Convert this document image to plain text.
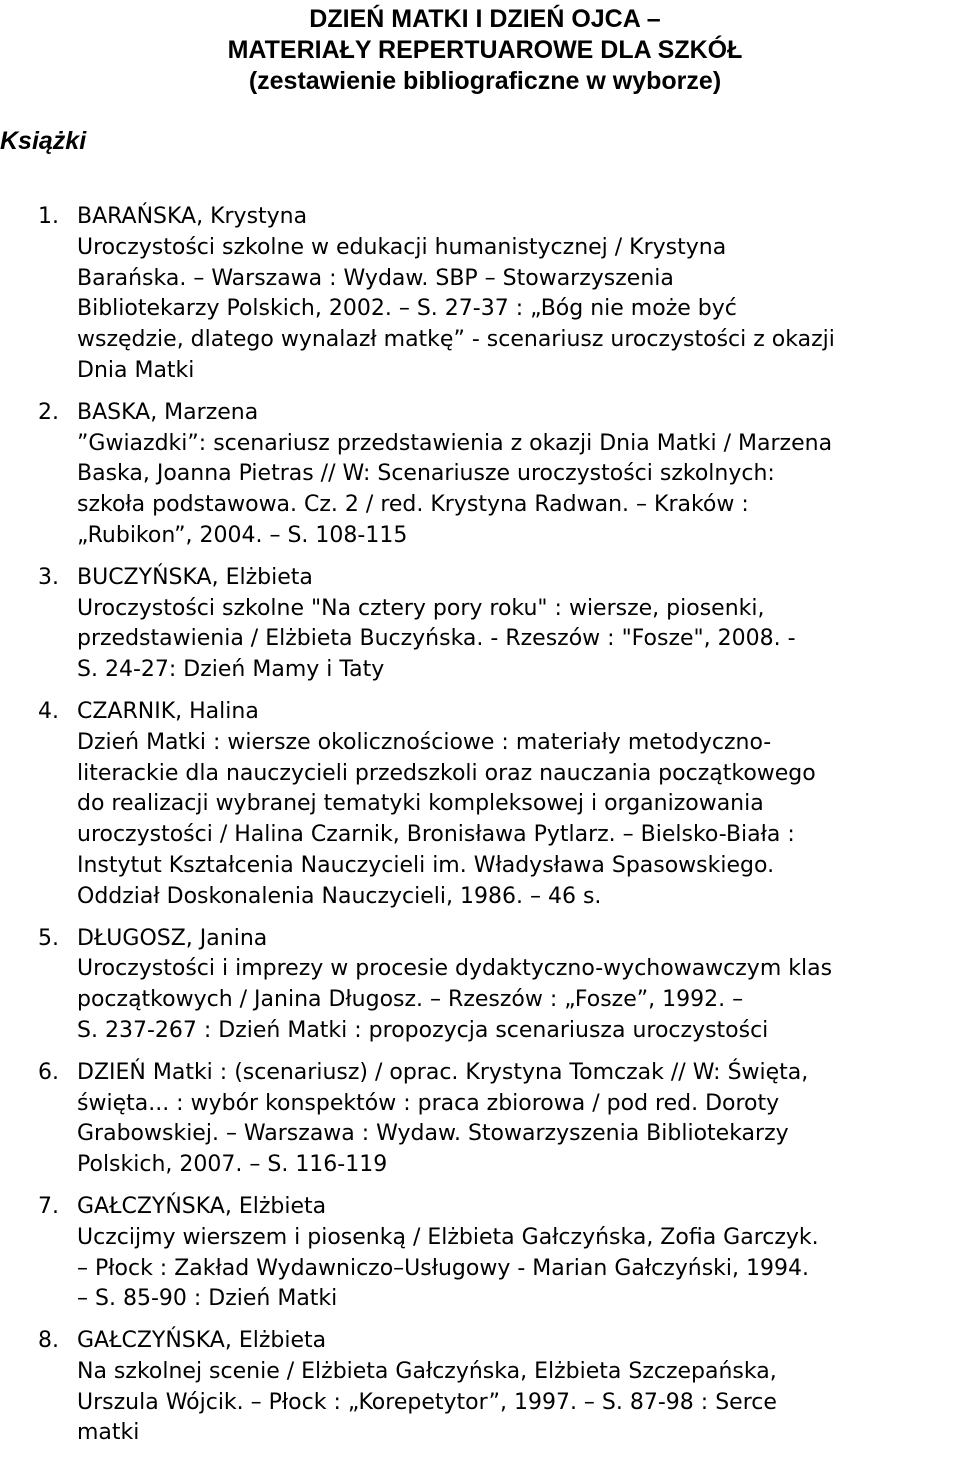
DZIEŃ MATKI I DZIEŃ OJCA –
MATERIAŁY REPERTUAROWE DLA SZKÓŁ
(zestawienie bibliograficzne w wyborze)
Książki
1. BARAŃSKA, Krystyna
Uroczystości szkolne w edukacji humanistycznej / Krystyna
Barańska. – Warszawa : Wydaw. SBP – Stowarzyszenia
Bibliotekarzy Polskich, 2002. – S. 27-37 : „Bóg nie może być
wszędzie, dlatego wynalazł matkę” - scenariusz uroczystości z okazji
Dnia Matki
2. BASKA, Marzena
”Gwiazdki”: scenariusz przedstawienia z okazji Dnia Matki / Marzena
Baska, Joanna Pietras // W: Scenariusze uroczystości szkolnych:
szkoła podstawowa. Cz. 2 / red. Krystyna Radwan. – Kraków :
„Rubikon”, 2004. – S. 108-115
3. BUCZYŃSKA, Elżbieta
Uroczystości szkolne "Na cztery pory roku" : wiersze, piosenki,
przedstawienia / Elżbieta Buczyńska. - Rzeszów : "Fosze", 2008. -
S. 24-27: Dzień Mamy i Taty
4. CZARNIK, Halina
Dzień Matki : wiersze okolicznościowe : materiały metodyczno-
literackie dla nauczycieli przedszkoli oraz nauczania początkowego
do realizacji wybranej tematyki kompleksowej i organizowania
uroczystości / Halina Czarnik, Bronisława Pytlarz. – Bielsko-Biała :
Instytut Kształcenia Nauczycieli im. Władysława Spasowskiego.
Oddział Doskonalenia Nauczycieli, 1986. – 46 s.
5. DŁUGOSZ, Janina
Uroczystości i imprezy w procesie dydaktyczno-wychowawczym klas
początkowych / Janina Długosz. – Rzeszów : „Fosze”, 1992. –
S. 237-267 : Dzień Matki : propozycja scenariusza uroczystości
6. DZIEŃ Matki : (scenariusz) / oprac. Krystyna Tomczak // W: Święta,
święta... : wybór konspektów : praca zbiorowa / pod red. Doroty
Grabowskiej. – Warszawa : Wydaw. Stowarzyszenia Bibliotekarzy
Polskich, 2007. – S. 116-119
7. GAŁCZYŃSKA, Elżbieta
Uczcijmy wierszem i piosenką / Elżbieta Gałczyńska, Zofia Garczyk.
– Płock : Zakład Wydawniczo–Usługowy - Marian Gałczyński, 1994.
– S. 85-90 : Dzień Matki
8. GAŁCZYŃSKA, Elżbieta
Na szkolnej scenie / Elżbieta Gałczyńska, Elżbieta Szczepańska,
Urszula Wójcik. – Płock : „Korepetytor”, 1997. – S. 87-98 : Serce
matki
